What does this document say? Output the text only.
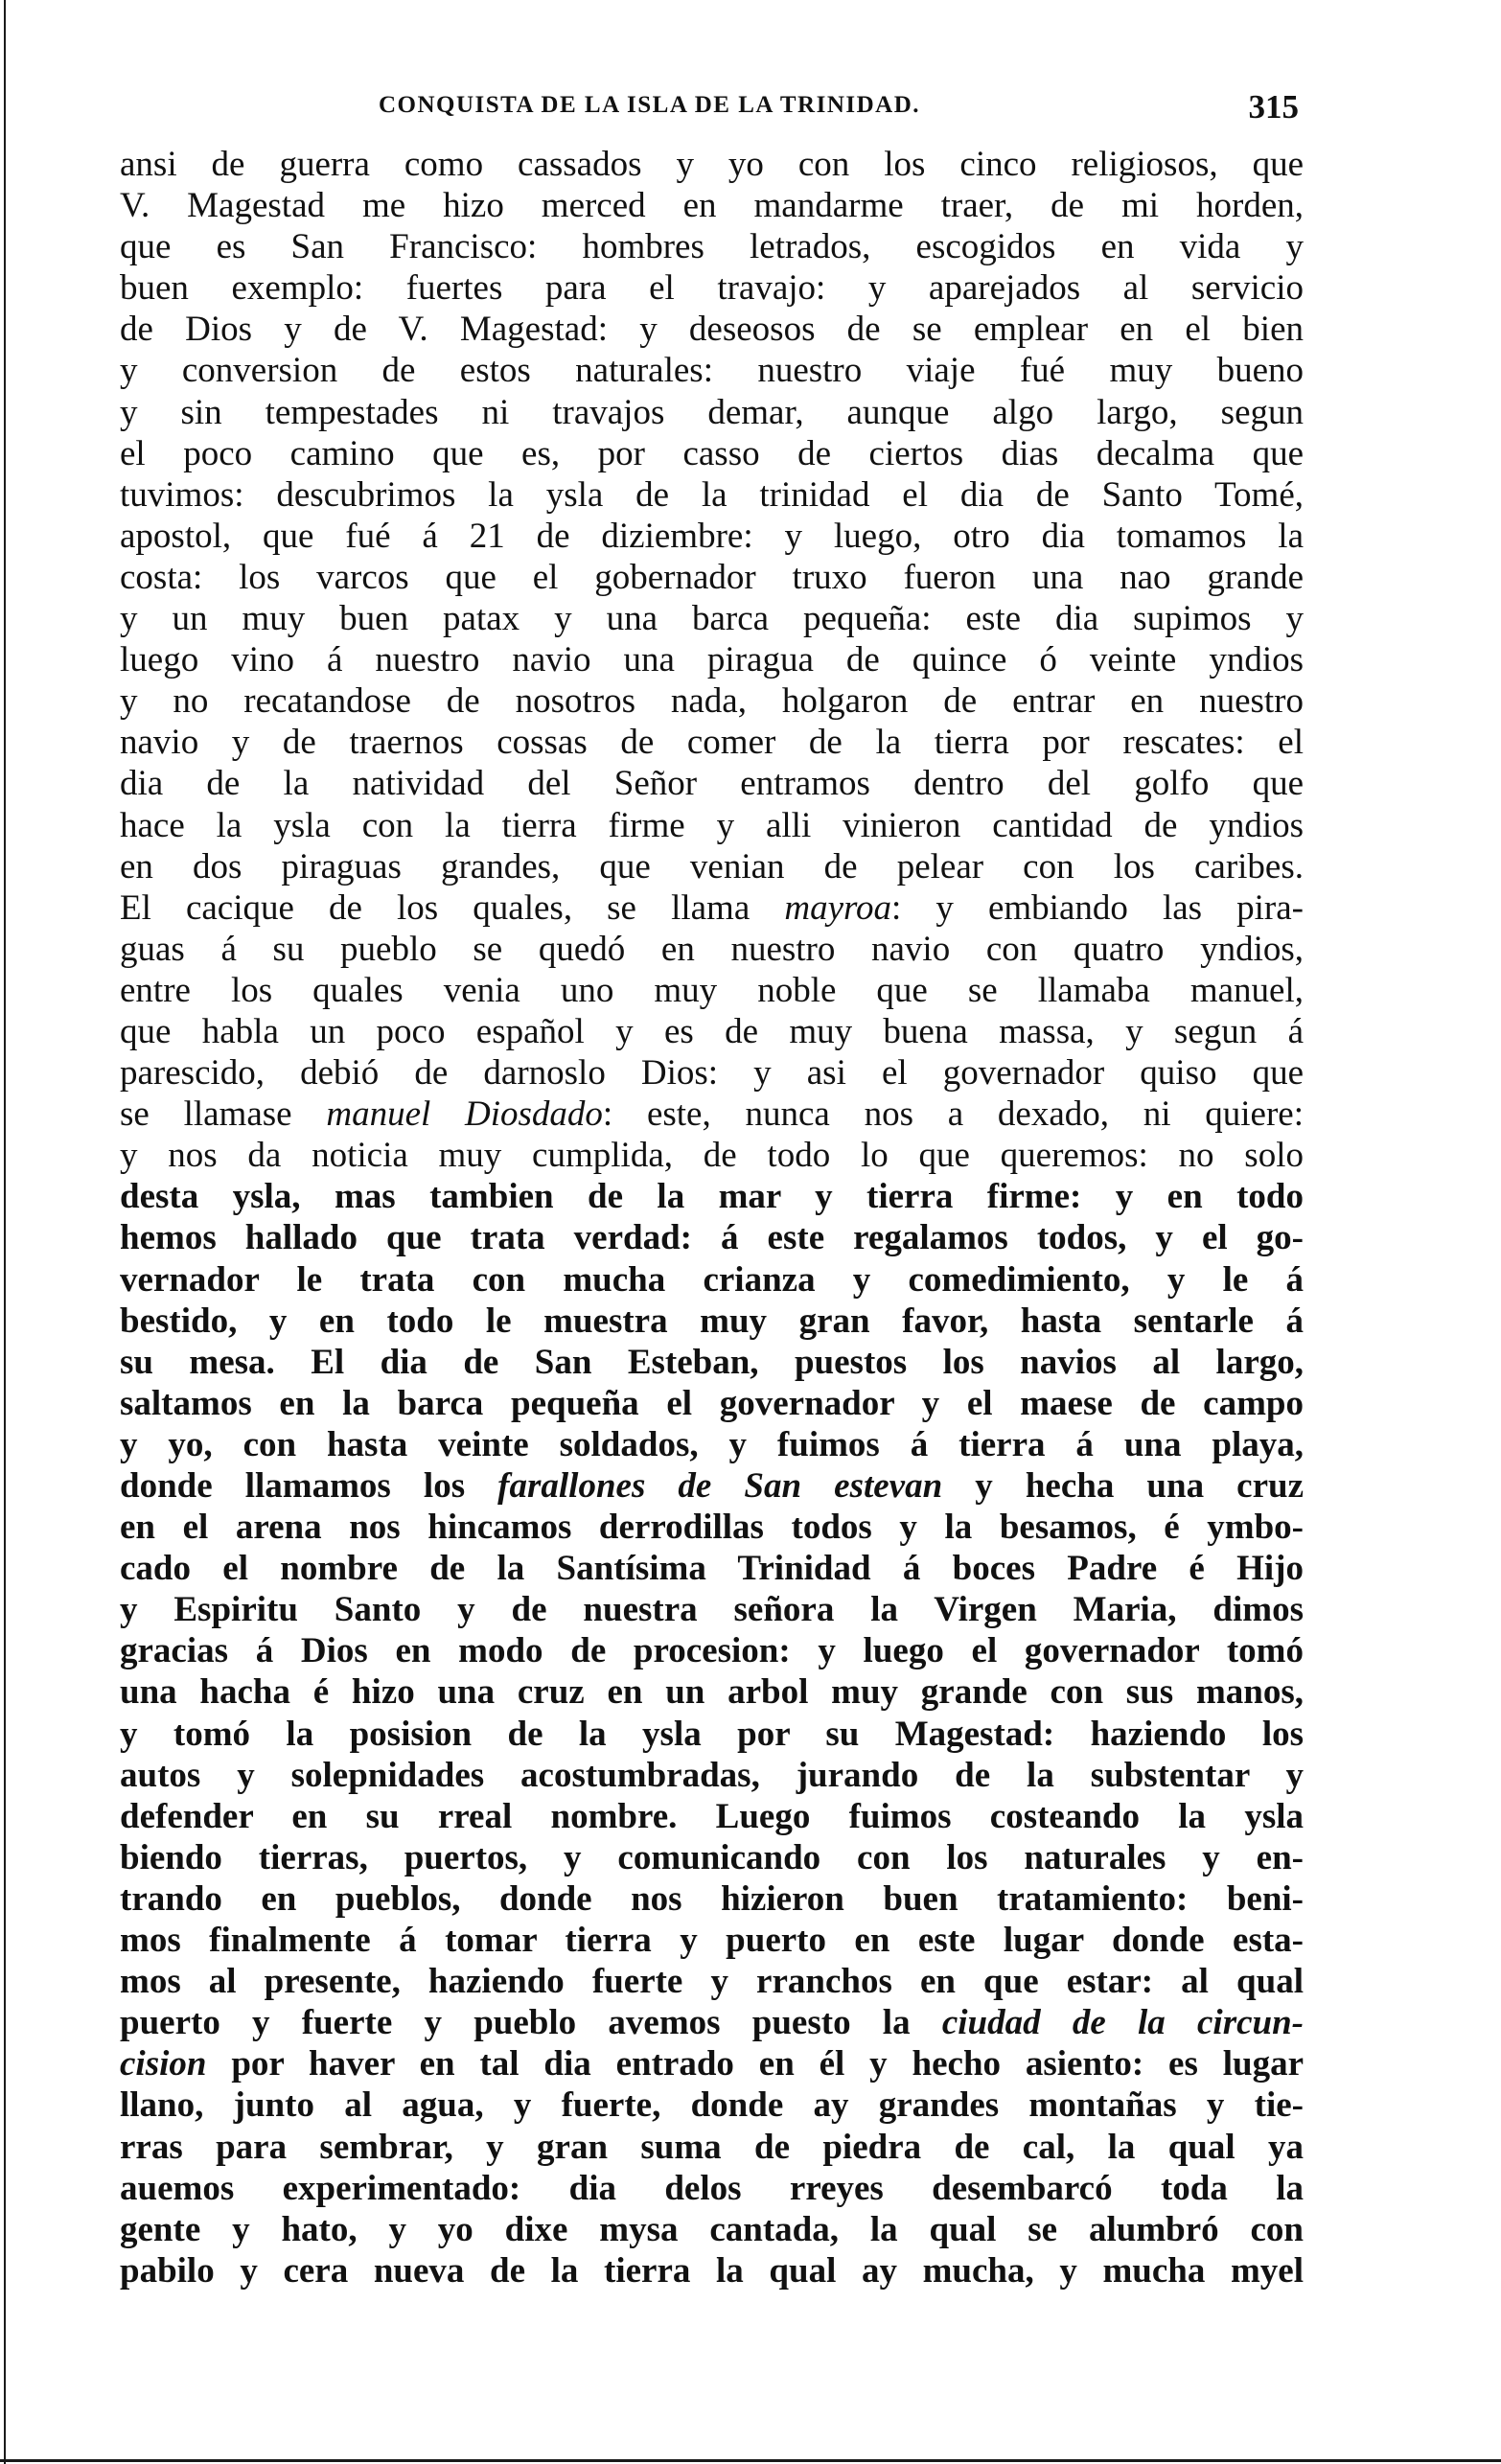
CONQUISTA DE LA ISLA DE LA TRINIDAD.	315
ansi de guerra como cassados y yo con los cinco religiosos, que
V. Magestad me hizo merced en mandarme traer, de mi horden,
que es San Francisco: hombres letrados, escogidos en vida y
buen exemplo: fuertes para el travajo: y aparejados al servicio
de Dios y de V. Magestad: y deseosos de se emplear en el bien
y conversion de estos naturales: nuestro viaje fué muy bueno
y sin tempestades ni travajos demar, aunque algo largo, segun
el poco camino que es, por casso de ciertos dias decalma que
tuvimos: descubrimos la ysla de la trinidad el dia de Santo Tomé,
apostol, que fué á 21 de diziembre: y luego, otro dia tomamos la
costa: los varcos que el gobernador truxo fueron una nao grande
y un muy buen patax y una barca pequeña: este dia supimos y
luego vino á nuestro navio una piragua de quince ó veinte yndios
y no recatandose de nosotros nada, holgaron de entrar en nuestro
navio y de traernos cossas de comer de la tierra por rescates: el
dia de la natividad del Señor entramos dentro del golfo que
hace la ysla con la tierra firme y alli vinieron cantidad de yndios
en dos piraguas grandes, que venian de pelear con los caribes.
El cacique de los quales, se llama mayroa: y embiando las pira-
guas á su pueblo se quedó en nuestro navio con quatro yndios,
entre los quales venia uno muy noble que se llamaba manuel,
que habla un poco español y es de muy buena massa, y segun á
parescido, debió de darnoslo Dios: y asi el governador quiso que
se llamase manuel Diosdado: este, nunca nos a dexado, ni quiere:
y nos da noticia muy cumplida, de todo lo que queremos: no solo
desta ysla, mas tambien de la mar y tierra firme: y en todo
hemos hallado que trata verdad: á este regalamos todos, y el go-
vernador le trata con mucha crianza y comedimiento, y le á
bestido, y en todo le muestra muy gran favor, hasta sentarle á
su mesa. El dia de San Esteban, puestos los navios al largo,
saltamos en la barca pequeña el governador y el maese de campo
y yo, con hasta veinte soldados, y fuimos á tierra á una playa,
donde llamamos los farallones de San estevan y hecha una cruz
en el arena nos hincamos derrodillas todos y la besamos, é ymbo-
cado el nombre de la Santísima Trinidad á boces Padre é Hijo
y Espiritu Santo y de nuestra señora la Virgen Maria, dimos
gracias á Dios en modo de procesion: y luego el governador tomó
una hacha é hizo una cruz en un arbol muy grande con sus manos,
y tomó la posision de la ysla por su Magestad: haziendo los
autos y solepnidades acostumbradas, jurando de la substentar y
defender en su rreal nombre. Luego fuimos costeando la ysla
biendo tierras, puertos, y comunicando con los naturales y en-
trando en pueblos, donde nos hizieron buen tratamiento: beni-
mos finalmente á tomar tierra y puerto en este lugar donde esta-
mos al presente, haziendo fuerte y rranchos en que estar: al qual
puerto y fuerte y pueblo avemos puesto la ciudad de la circun-
cision por haver en tal dia entrado en él y hecho asiento: es lugar
llano, junto al agua, y fuerte, donde ay grandes montañas y tie-
rras para sembrar, y gran suma de piedra de cal, la qual ya
auemos experimentado: dia delos rreyes desembarcó toda la
gente y hato, y yo dixe mysa cantada, la qual se alumbró con
pabilo y cera nueva de la tierra la qual ay mucha, y mucha myel
